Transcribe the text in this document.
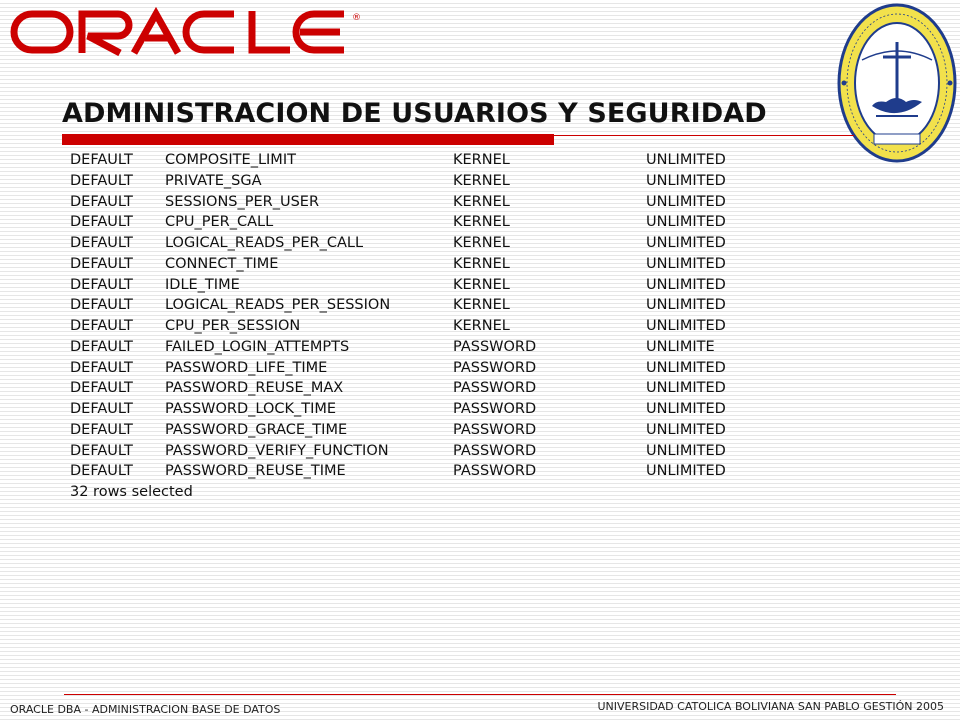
®
ADMINISTRACION DE USUARIOS Y SEGURIDAD
DEFAULT	COMPOSITE_LIMIT	KERNEL	UNLIMITED
DEFAULT	PRIVATE_SGA	KERNEL	UNLIMITED
DEFAULT	SESSIONS_PER_USER	KERNEL	UNLIMITED
DEFAULT	CPU_PER_CALL	KERNEL	UNLIMITED
DEFAULT	LOGICAL_READS_PER_CALL	KERNEL	UNLIMITED
DEFAULT	CONNECT_TIME	KERNEL	UNLIMITED
DEFAULT	IDLE_TIME	KERNEL	UNLIMITED
DEFAULT	LOGICAL_READS_PER_SESSION	KERNEL	UNLIMITED
DEFAULT	CPU_PER_SESSION	KERNEL	UNLIMITED
DEFAULT	FAILED_LOGIN_ATTEMPTS	PASSWORD	UNLIMITE
DEFAULT	PASSWORD_LIFE_TIME	PASSWORD	UNLIMITED
DEFAULT	PASSWORD_REUSE_MAX	PASSWORD	UNLIMITED
DEFAULT	PASSWORD_LOCK_TIME	PASSWORD	UNLIMITED
DEFAULT	PASSWORD_GRACE_TIME	PASSWORD	UNLIMITED
DEFAULT	PASSWORD_VERIFY_FUNCTION	PASSWORD	UNLIMITED
DEFAULT	PASSWORD_REUSE_TIME	PASSWORD	UNLIMITED
32 rows selected
ORACLE DBA - ADMINISTRACION BASE DE DATOS	UNIVERSIDAD CATOLICA BOLIVIANA SAN PABLO GESTIÓN 2005
